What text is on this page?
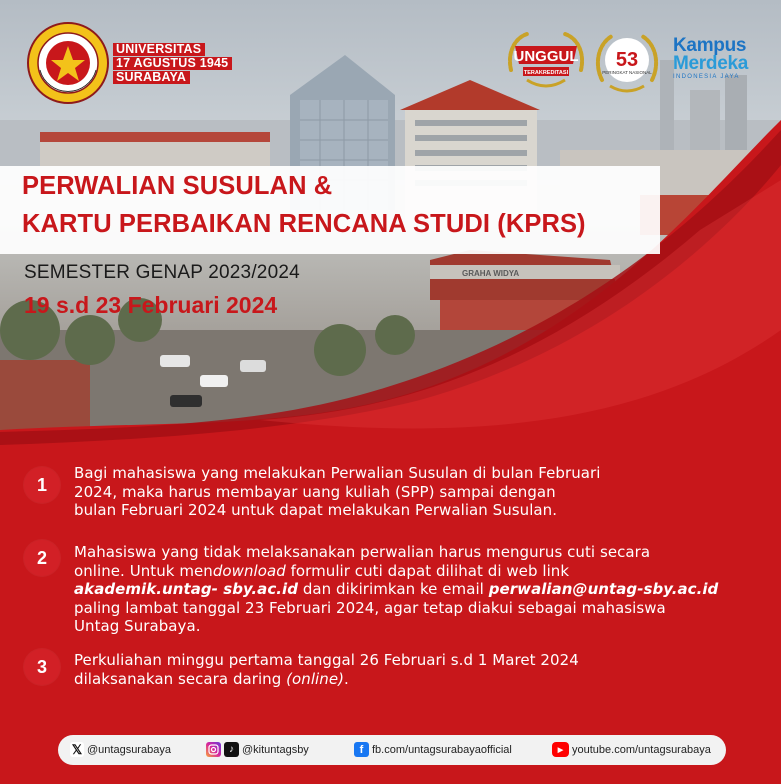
GRAHA WIDYA
UNIVERSITAS
17 AGUSTUS 1945
SURABAYA
UNGGUL
TERAKREDITASI
53
PERINGKAT NASIONAL
Kampus
Merdeka
INDONESIA JAYA
PERWALIAN SUSULAN &
KARTU PERBAIKAN RENCANA STUDI (KPRS)
SEMESTER GENAP 2023/2024
19 s.d 23 Februari 2024
1
Bagi mahasiswa yang melakukan Perwalian Susulan di bulan Februari
2024, maka harus membayar uang kuliah (SPP) sampai dengan
bulan Februari 2024 untuk dapat melakukan Perwalian Susulan.
2	Mahasiswa yang tidak melaksanakan perwalian harus mengurus cuti secara
online. Untuk mendownload formulir cuti dapat dilihat di web link
akademik.untag- sby.ac.id dan dikirimkan ke email perwalian@untag-sby.ac.id
paling lambat tanggal 23 Februari 2024, agar tetap diakui sebagai mahasiswa
Untag Surabaya.
3	Perkuliahan minggu pertama tanggal 26 Februari s.d 1 Maret 2024
dilaksanakan secara daring (online).
𝕏 @untagsurabaya	♪ @kituntagsby	f fb.com/untagsurabayaofficial	▶ youtube.com/untagsurabaya
